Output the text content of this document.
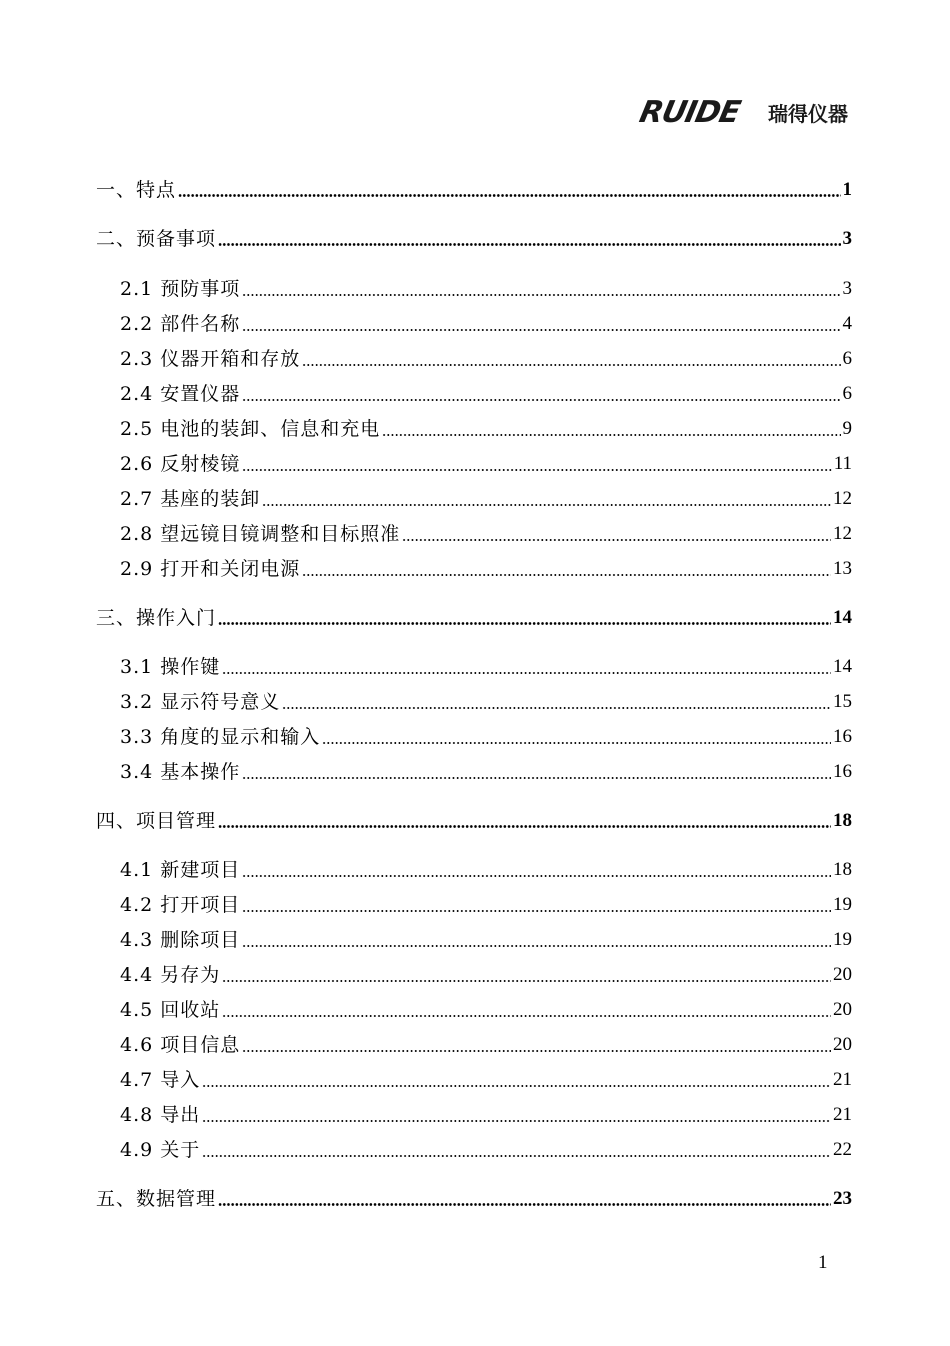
RUIDE 瑞得仪器
一、特点	1
二、预备事项	3
2.1 预防事项	3
2.2 部件名称	4
2.3 仪器开箱和存放	6
2.4 安置仪器	6
2.5 电池的装卸、信息和充电	9
2.6 反射棱镜	11
2.7 基座的装卸	12
2.8 望远镜目镜调整和目标照准	12
2.9 打开和关闭电源	13
三、操作入门	14
3.1 操作键	14
3.2 显示符号意义	15
3.3 角度的显示和输入	16
3.4 基本操作	16
四、项目管理	18
4.1 新建项目	18
4.2 打开项目	19
4.3 删除项目	19
4.4 另存为	20
4.5 回收站	20
4.6 项目信息	20
4.7 导入	21
4.8 导出	21
4.9 关于	22
五、数据管理	23
1
